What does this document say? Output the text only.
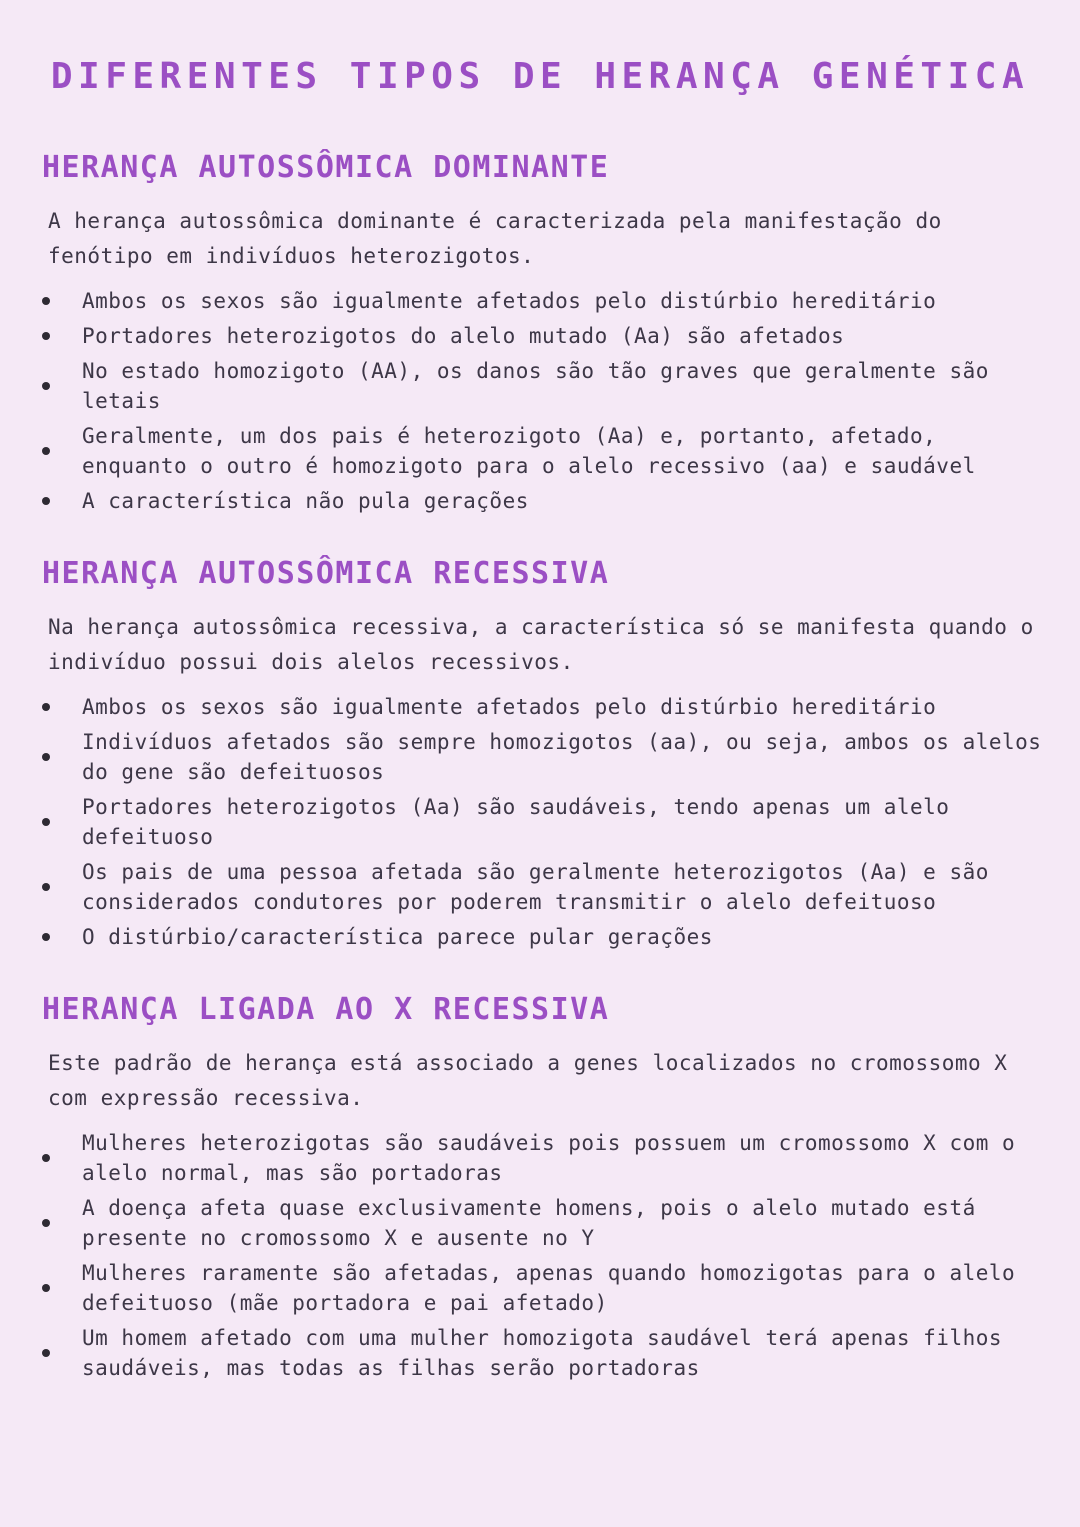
DIFERENTES TIPOS DE HERANÇA GENÉTICA
HERANÇA AUTOSSÔMICA DOMINANTE

A herança autossômica dominante é caracterizada pela manifestação do fenótipo em indivíduos heterozigotos.

Ambos os sexos são igualmente afetados pelo distúrbio hereditário
Portadores heterozigotos do alelo mutado (Aa) são afetados
No estado homozigoto (AA), os danos são tão graves que geralmente são letais
Geralmente, um dos pais é heterozigoto (Aa) e, portanto, afetado, enquanto o outro é homozigoto para o alelo recessivo (aa) e saudável
A característica não pula gerações
HERANÇA AUTOSSÔMICA RECESSIVA

Na herança autossômica recessiva, a característica só se manifesta quando o indivíduo possui dois alelos recessivos.

Ambos os sexos são igualmente afetados pelo distúrbio hereditário
Indivíduos afetados são sempre homozigotos (aa), ou seja, ambos os alelos do gene são defeituosos
Portadores heterozigotos (Aa) são saudáveis, tendo apenas um alelo defeituoso
Os pais de uma pessoa afetada são geralmente heterozigotos (Aa) e são considerados condutores por poderem transmitir o alelo defeituoso
O distúrbio/característica parece pular gerações
HERANÇA LIGADA AO X RECESSIVA

Este padrão de herança está associado a genes localizados no cromossomo X com expressão recessiva.

Mulheres heterozigotas são saudáveis pois possuem um cromossomo X com o alelo normal, mas são portadoras
A doença afeta quase exclusivamente homens, pois o alelo mutado está presente no cromossomo X e ausente no Y
Mulheres raramente são afetadas, apenas quando homozigotas para o alelo defeituoso (mãe portadora e pai afetado)
Um homem afetado com uma mulher homozigota saudável terá apenas filhos saudáveis, mas todas as filhas serão portadoras
